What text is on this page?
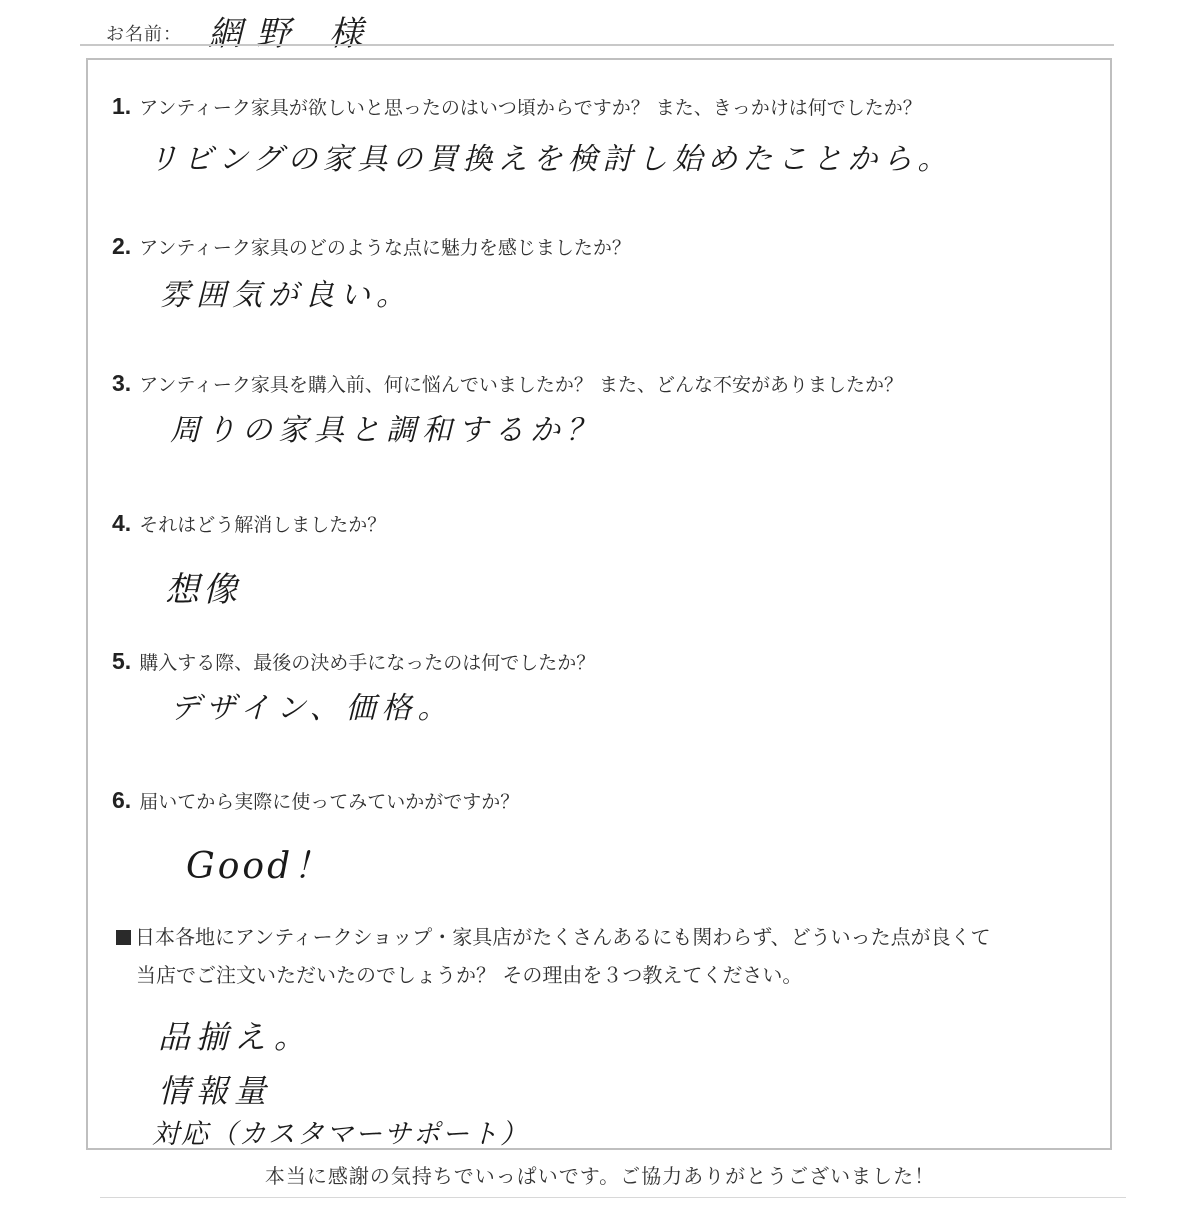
お名前： 網野 様
1. アンティーク家具が欲しいと思ったのはいつ頃からですか？ また、きっかけは何でしたか？
リビングの家具の買換えを検討し始めたことから。
2. アンティーク家具のどのような点に魅力を感じましたか？
雰囲気が良い。
3. アンティーク家具を購入前、何に悩んでいましたか？ また、どんな不安がありましたか？
周りの家具と調和するか？
4. それはどう解消しましたか？
想像
5. 購入する際、最後の決め手になったのは何でしたか？
デザイン、価格。
6. 届いてから実際に使ってみていかがですか？
Good！
日本各地にアンティークショップ・家具店がたくさんあるにも関わらず、どういった点が良くて
当店でご注文いただいたのでしょうか？ その理由を３つ教えてください。
品揃え。
情報量
対応（カスタマーサポート）
本当に感謝の気持ちでいっぱいです。ご協力ありがとうございました！
